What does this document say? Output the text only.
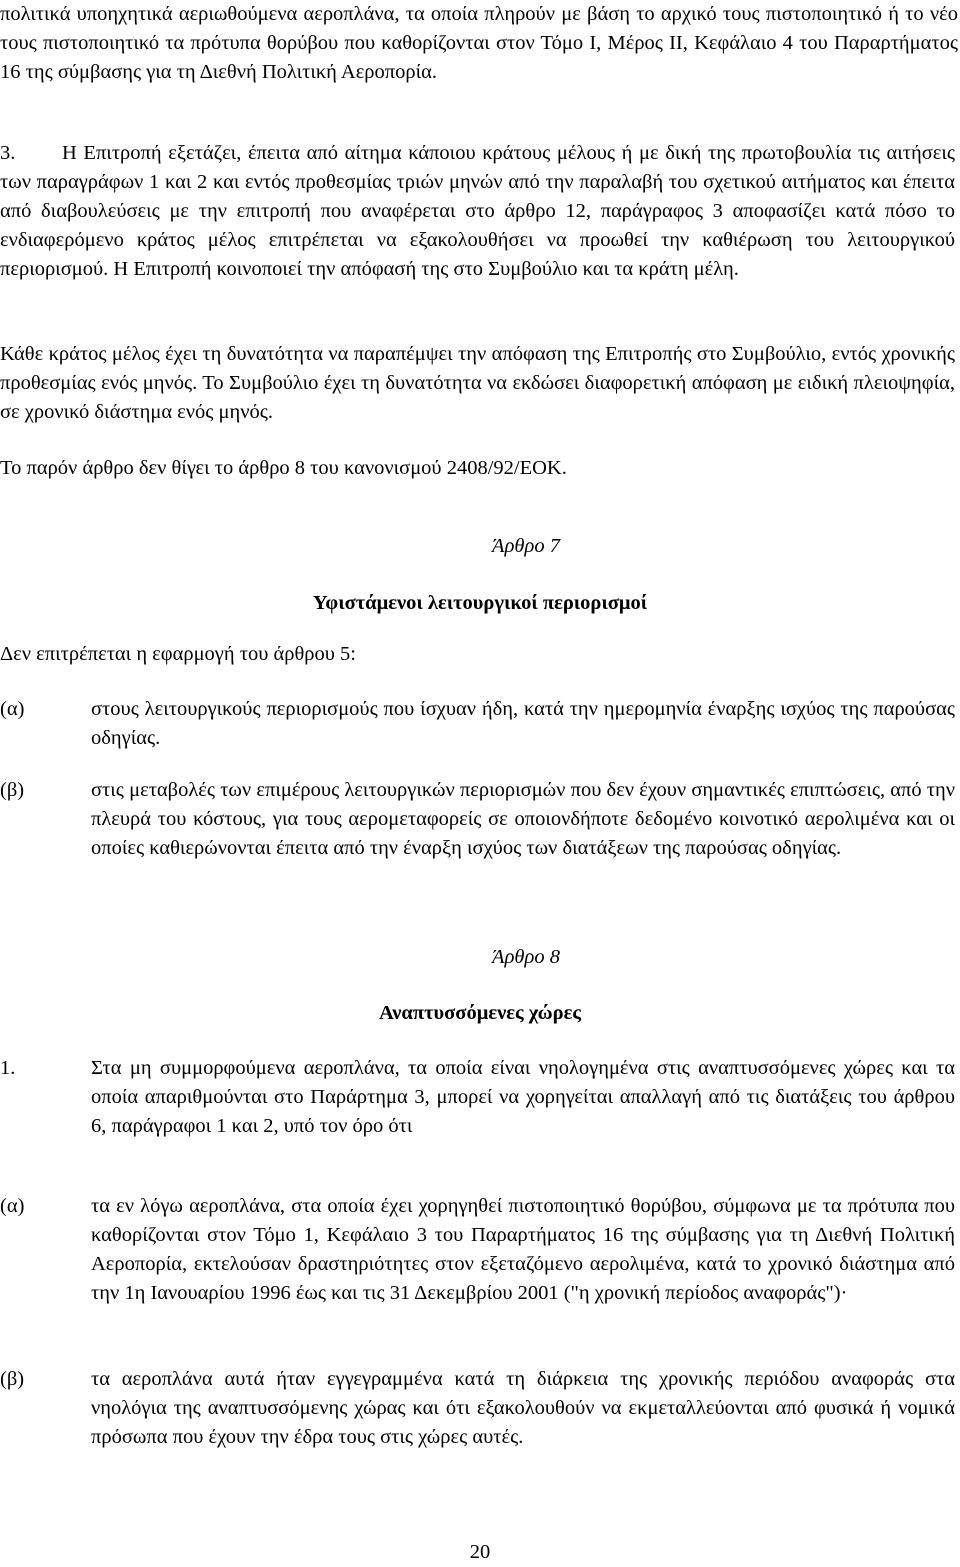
πολιτικά υποηχητικά αεριωθούμενα αεροπλάνα, τα οποία πληρούν με βάση το αρχικό τους πιστοποιητικό ή το νέο τους πιστοποιητικό τα πρότυπα θορύβου που καθορίζονται στον Τόμο Ι, Μέρος ΙΙ, Κεφάλαιο 4 του Παραρτήματος 16 της σύμβασης για τη Διεθνή Πολιτική Αεροπορία.

3. Η Επιτροπή εξετάζει, έπειτα από αίτημα κάποιου κράτους μέλους ή με δική της πρωτοβουλία τις αιτήσεις των παραγράφων 1 και 2 και εντός προθεσμίας τριών μηνών από την παραλαβή του σχετικού αιτήματος και έπειτα από διαβουλεύσεις με την επιτροπή που αναφέρεται στο άρθρο 12, παράγραφος 3 αποφασίζει κατά πόσο το ενδιαφερόμενο κράτος μέλος επιτρέπεται να εξακολουθήσει να προωθεί την καθιέρωση του λειτουργικού περιορισμού. Η Επιτροπή κοινοποιεί την απόφασή της στο Συμβούλιο και τα κράτη μέλη.

Κάθε κράτος μέλος έχει τη δυνατότητα να παραπέμψει την απόφαση της Επιτροπής στο Συμβούλιο, εντός χρονικής προθεσμίας ενός μηνός. Το Συμβούλιο έχει τη δυνατότητα να εκδώσει διαφορετική απόφαση με ειδική πλειοψηφία, σε χρονικό διάστημα ενός μηνός.

Το παρόν άρθρο δεν θίγει το άρθρο 8 του κανονισμού 2408/92/ΕΟΚ.

Άρθρο 7

Υφιστάμενοι λειτουργικοί περιορισμοί

Δεν επιτρέπεται η εφαρμογή του άρθρου 5:

(α)	στους λειτουργικούς περιορισμούς που ίσχυαν ήδη, κατά την ημερομηνία έναρξης ισχύος της παρούσας οδηγίας.

(β)	στις μεταβολές των επιμέρους λειτουργικών περιορισμών που δεν έχουν σημαντικές επιπτώσεις, από την πλευρά του κόστους, για τους αερομεταφορείς σε οποιονδήποτε δεδομένο κοινοτικό αερολιμένα και οι οποίες καθιερώνονται έπειτα από την έναρξη ισχύος των διατάξεων της παρούσας οδηγίας.

Άρθρο 8

Αναπτυσσόμενες χώρες

1.	Στα μη συμμορφούμενα αεροπλάνα, τα οποία είναι νηολογημένα στις αναπτυσσόμενες χώρες και τα οποία απαριθμούνται στο Παράρτημα 3, μπορεί να χορηγείται απαλλαγή από τις διατάξεις του άρθρου 6, παράγραφοι 1 και 2, υπό τον όρο ότι

(α)	τα εν λόγω αεροπλάνα, στα οποία έχει χορηγηθεί πιστοποιητικό θορύβου, σύμφωνα με τα πρότυπα που καθορίζονται στον Τόμο 1, Κεφάλαιο 3 του Παραρτήματος 16 της σύμβασης για τη Διεθνή Πολιτική Αεροπορία, εκτελούσαν δραστηριότητες στον εξεταζόμενο αερολιμένα, κατά το χρονικό διάστημα από την 1η Ιανουαρίου 1996 έως και τις 31 Δεκεμβρίου 2001 ("η χρονική περίοδος αναφοράς")·

(β)	τα αεροπλάνα αυτά ήταν εγγεγραμμένα κατά τη διάρκεια της χρονικής περιόδου αναφοράς στα νηολόγια της αναπτυσσόμενης χώρας και ότι εξακολουθούν να εκμεταλλεύονται από φυσικά ή νομικά πρόσωπα που έχουν την έδρα τους στις χώρες αυτές.

20
